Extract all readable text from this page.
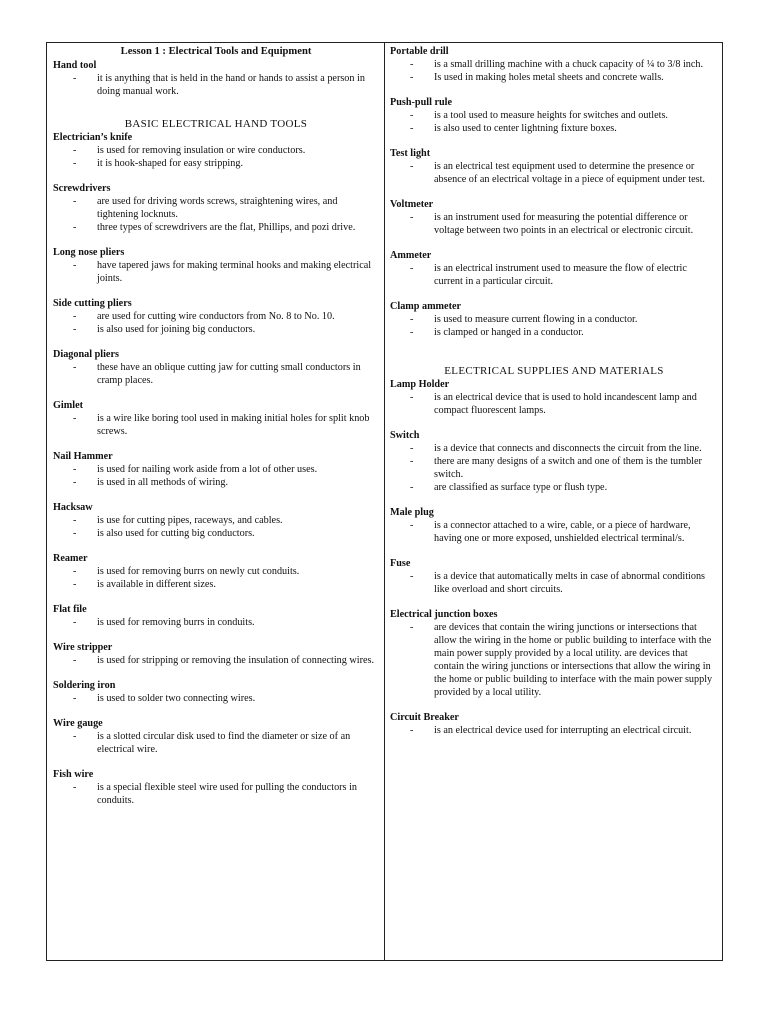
Lesson 1 : Electrical Tools and Equipment
Hand tool
- it is anything that is held in the hand or hands to assist a person in doing manual work.
BASIC ELECTRICAL HAND TOOLS
Electrician’s knife
- is used for removing insulation or wire conductors.
- it is hook-shaped for easy stripping.
Screwdrivers
- are used for driving words screws, straightening wires, and tightening locknuts.
- three types of screwdrivers are the flat, Phillips, and pozi drive.
Long nose pliers
- have tapered jaws for making terminal hooks and making electrical joints.
Side cutting pliers
- are used for cutting wire conductors from No. 8 to No. 10.
- is also used for joining big conductors.
Diagonal pliers
- these have an oblique cutting jaw for cutting small conductors in cramp places.
Gimlet
- is a wire like boring tool used in making initial holes for split knob screws.
Nail Hammer
- is used for nailing work aside from a lot of other uses.
- is used in all methods of wiring.
Hacksaw
- is use for cutting pipes, raceways, and cables.
- is also used for cutting big conductors.
Reamer
- is used for removing burrs on newly cut conduits.
- is available in different sizes.
Flat file
- is used for removing burrs in conduits.
Wire stripper
- is used for stripping or removing the insulation of connecting wires.
Soldering iron
- is used to solder two connecting wires.
Wire gauge
- is a slotted circular disk used to find the diameter or size of an electrical wire.
Fish wire
- is a special flexible steel wire used for pulling the conductors in conduits.
Portable drill
- is a small drilling machine with a chuck capacity of ¼ to 3/8 inch.
- Is used in making holes metal sheets and concrete walls.
Push-pull rule
- is a tool used to measure heights for switches and outlets.
- is also used to center lightning fixture boxes.
Test light
- is an electrical test equipment used to determine the presence or absence of an electrical voltage in a piece of equipment under test.
Voltmeter
- is an instrument used for measuring the potential difference or voltage between two points in an electrical or electronic circuit.
Ammeter
- is an electrical instrument used to measure the flow of electric current in a particular circuit.
Clamp ammeter
- is used to measure current flowing in a conductor.
- is clamped or hanged in a conductor.
ELECTRICAL SUPPLIES AND MATERIALS
Lamp Holder
- is an electrical device that is used to hold incandescent lamp and compact fluorescent lamps.
Switch
- is a device that connects and disconnects the circuit from the line.
- there are many designs of a switch and one of them is the tumbler switch.
- are classified as surface type or flush type.
Male plug
- is a connector attached to a wire, cable, or a piece of hardware, having one or more exposed, unshielded electrical terminal/s.
Fuse
- is a device that automatically melts in case of abnormal conditions like overload and short circuits.
Electrical junction boxes
- are devices that contain the wiring junctions or intersections that allow the wiring in the home or public building to interface with the main power supply provided by a local utility. are devices that contain the wiring junctions or intersections that allow the wiring in the home or public building to interface with the main power supply provided by a local utility.
Circuit Breaker
- is an electrical device used for interrupting an electrical circuit.
